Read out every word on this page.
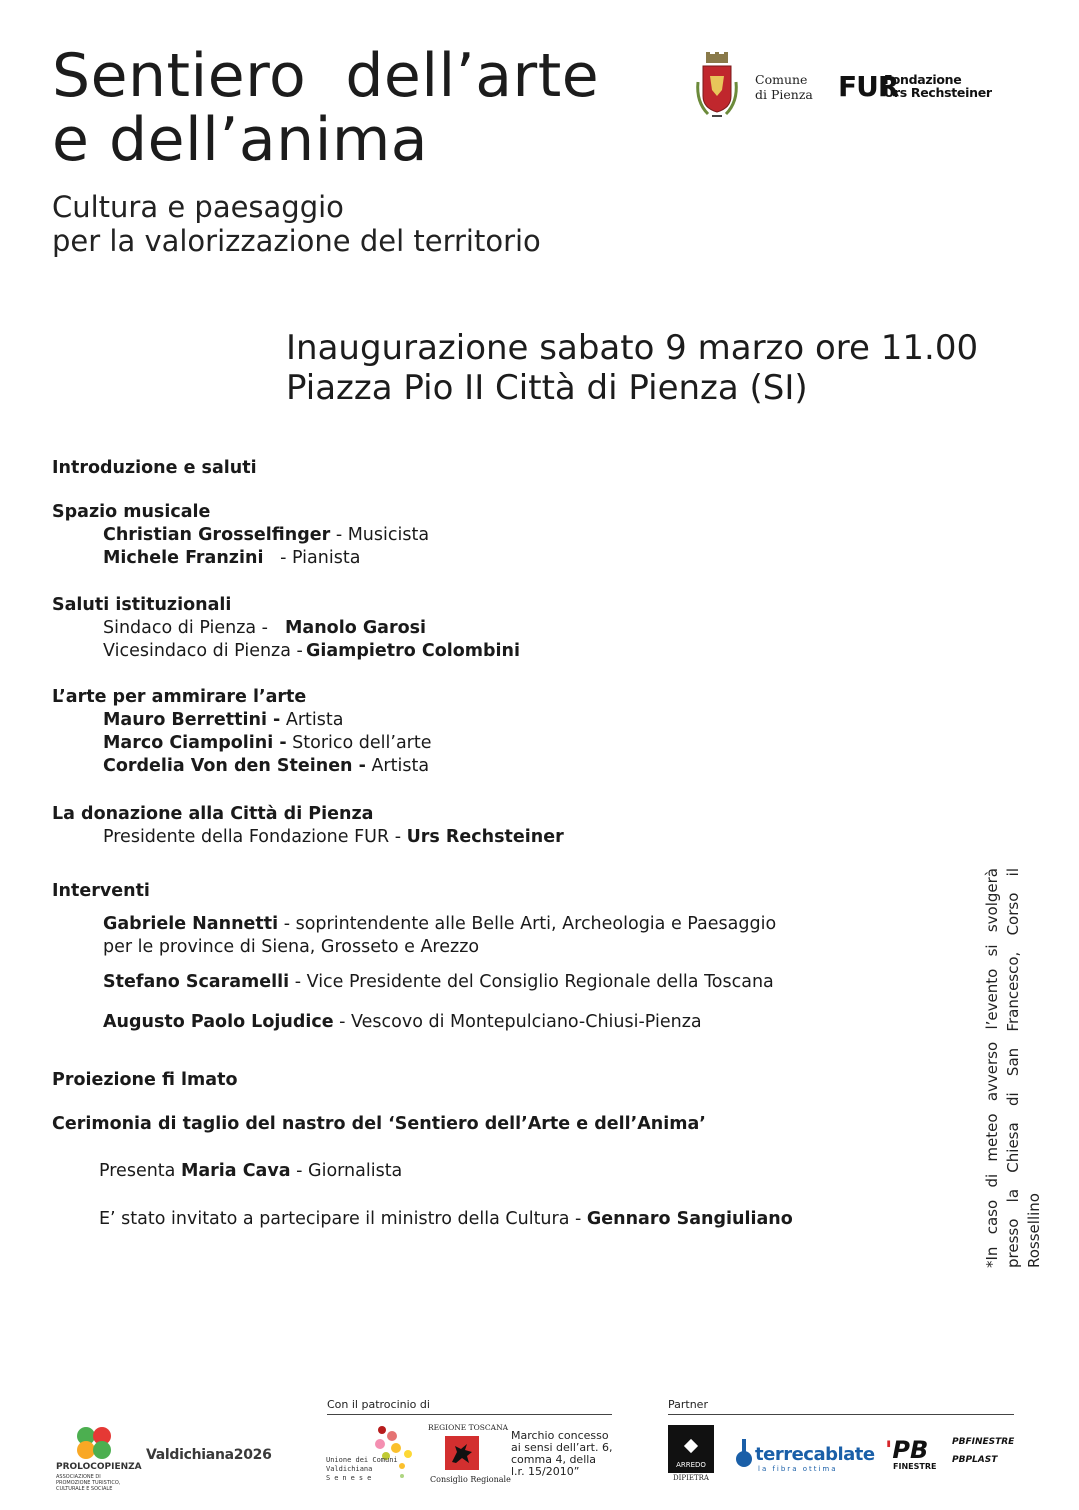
Sentiero  dell’arte
e dell’anima
Cultura e paesaggio
per la valorizzazione del territorio
Comune
di Pienza FUR
Fondazione
Urs Rechsteiner
Inaugurazione sabato 9 marzo ore 11.00
Piazza Pio II Città di Pienza (SI)
Introduzione e saluti
Spazio musicale
Christian Grosselfinger - Musicista
Michele Franzini   - Pianista
Saluti istituzionali
Sindaco di Pienza - Manolo Garosi
Vicesindaco di Pienza - Giampietro Colombini
L’arte per ammirare l’arte
Mauro Berrettini - Artista
Marco Ciampolini - Storico dell’arte
Cordelia Von den Steinen - Artista
La donazione alla Città di Pienza
Presidente della Fondazione FUR - Urs Rechsteiner
Interventi
Gabriele Nannetti - soprintendente alle Belle Arti, Archeologia e Paesaggio
per le province di Siena, Grosseto e Arezzo
Stefano Scaramelli - Vice Presidente del Consiglio Regionale della Toscana
Augusto Paolo Lojudice - Vescovo di Montepulciano-Chiusi-Pienza
Proiezione fi lmato
Cerimonia di taglio del nastro del ‘Sentiero dell’Arte e dell’Anima’
Presenta Maria Cava - Giornalista
E’ stato invitato a partecipare il ministro della Cultura - Gennaro Sangiuliano	*In caso di meteo avverso l’evento si svolgerà presso la Chiesa di San Francesco, Corso il Rossellino
Con il patrocinio di	Partner
PROLOCOPIENZA
ASSOCIAZIONE DI PROMOZIONE TURISTICO, CULTURALE E SOCIALE
Valdichiana2026	Unione dei Comuni
Valdichiana
Senese
REGIONE TOSCANA
Consiglio Regionale
Marchio concesso
ai sensi dell’art. 6,
comma 4, della
l.r. 15/2010”	ARREDO
DIPIETRA
terrecablate
la fibra ottima
'PB
FINESTRE
PBFINESTRE
PBPLAST
